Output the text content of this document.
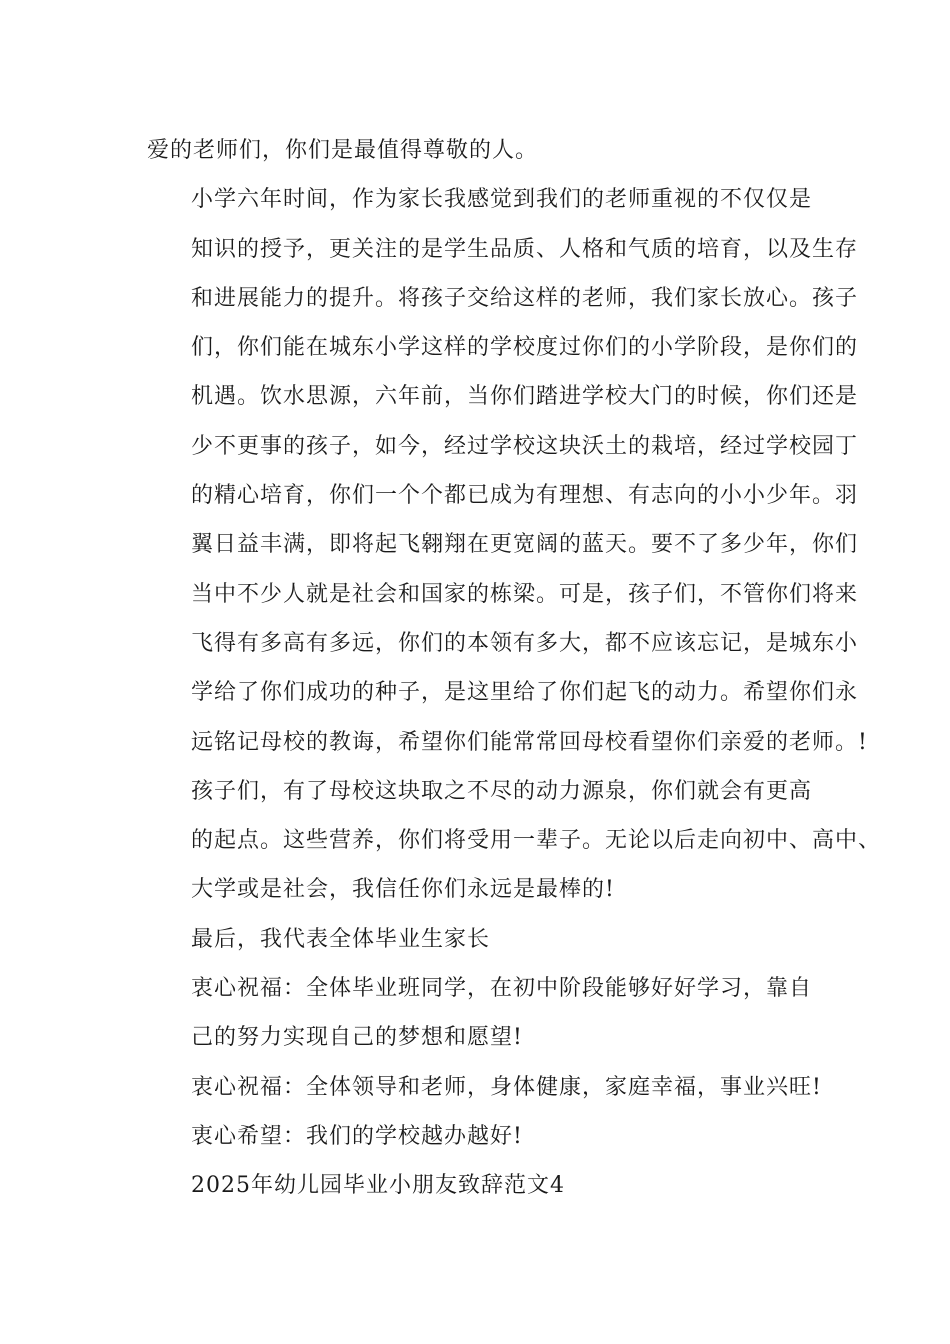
爱的老师们，你们是最值得尊敬的人。

小学六年时间，作为家长我感觉到我们的老师重视的不仅仅是
知识的授予，更关注的是学生品质、人格和气质的培育，以及生存
和进展能力的提升。将孩子交给这样的老师，我们家长放心。孩子
们，你们能在城东小学这样的学校度过你们的小学阶段，是你们的
机遇。饮水思源，六年前，当你们踏进学校大门的时候，你们还是
少不更事的孩子，如今，经过学校这块沃土的栽培，经过学校园丁
的精心培育，你们一个个都已成为有理想、有志向的小小少年。羽
翼日益丰满，即将起飞翱翔在更宽阔的蓝天。要不了多少年，你们
当中不少人就是社会和国家的栋梁。可是，孩子们，不管你们将来
飞得有多高有多远，你们的本领有多大，都不应该忘记，是城东小
学给了你们成功的种子，是这里给了你们起飞的动力。希望你们永
远铭记母校的教诲，希望你们能常常回母校看望你们亲爱的老师。!

孩子们，有了母校这块取之不尽的动力源泉，你们就会有更高
的起点。这些营养，你们将受用一辈子。无论以后走向初中、高中、
大学或是社会，我信任你们永远是最棒的!

最后，我代表全体毕业生家长

衷心祝福：全体毕业班同学，在初中阶段能够好好学习，靠自
己的努力实现自己的梦想和愿望!

衷心祝福：全体领导和老师，身体健康，家庭幸福，事业兴旺!

衷心希望：我们的学校越办越好!

2025年幼儿园毕业小朋友致辞范文4
